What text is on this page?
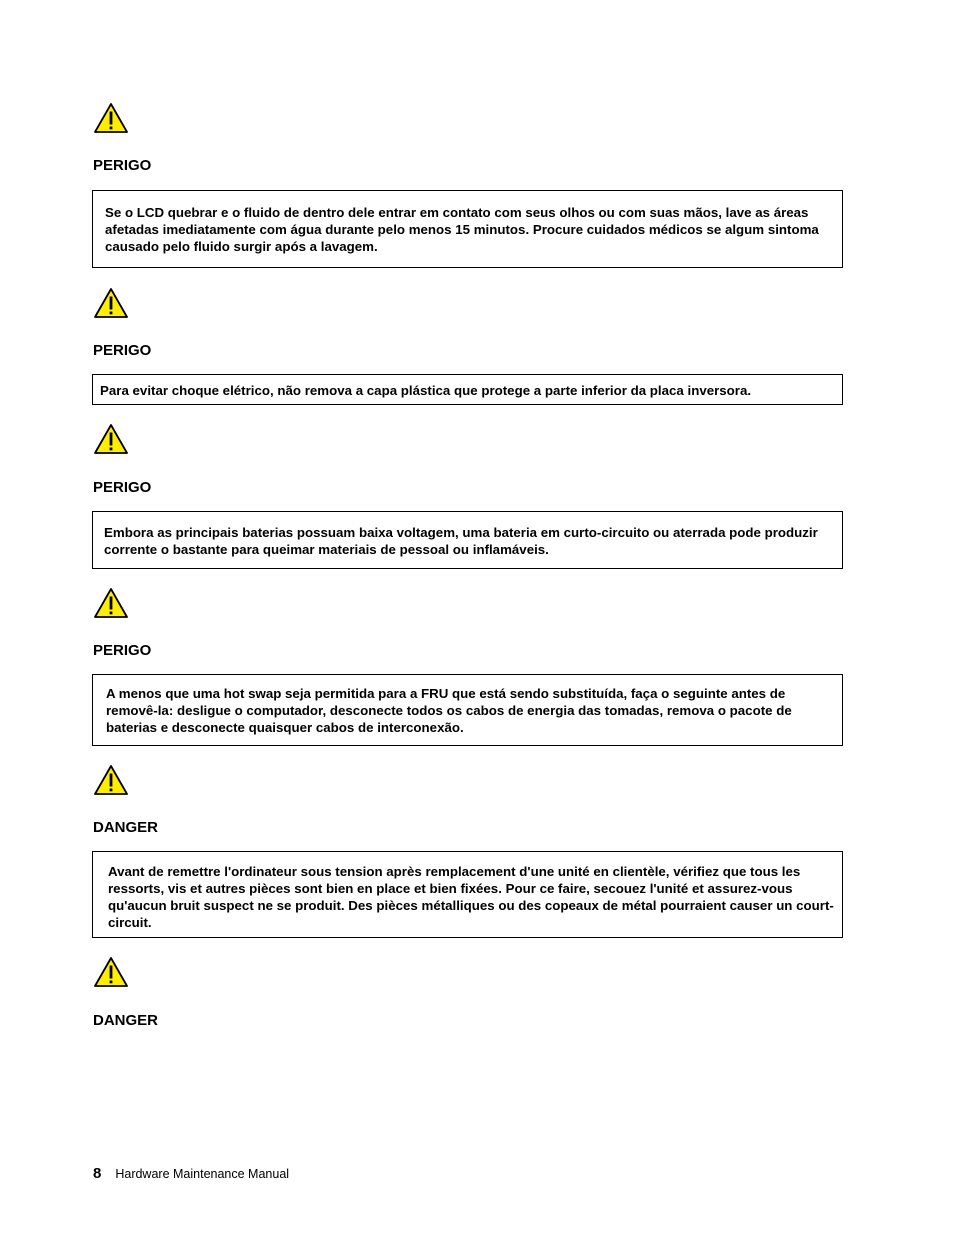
PERIGO

Se o LCD quebrar e o fluido de dentro dele entrar em contato com seus olhos ou com suas mãos, lave as áreas afetadas imediatamente com água durante pelo menos 15 minutos. Procure cuidados médicos se algum sintoma causado pelo fluido surgir após a lavagem.

PERIGO

Para evitar choque elétrico, não remova a capa plástica que protege a parte inferior da placa inversora.

PERIGO

Embora as principais baterias possuam baixa voltagem, uma bateria em curto-circuito ou aterrada pode produzir corrente o bastante para queimar materiais de pessoal ou inflamáveis.

PERIGO

A menos que uma hot swap seja permitida para a FRU que está sendo substituída, faça o seguinte antes de removê-la: desligue o computador, desconecte todos os cabos de energia das tomadas, remova o pacote de baterias e desconecte quaisquer cabos de interconexão.

DANGER

Avant de remettre l'ordinateur sous tension après remplacement d'une unité en clientèle, vérifiez que tous les ressorts, vis et autres pièces sont bien en place et bien fixées. Pour ce faire, secouez l'unité et assurez-vous qu'aucun bruit suspect ne se produit. Des pièces métalliques ou des copeaux de métal pourraient causer un court-circuit.

DANGER
8 Hardware Maintenance Manual
